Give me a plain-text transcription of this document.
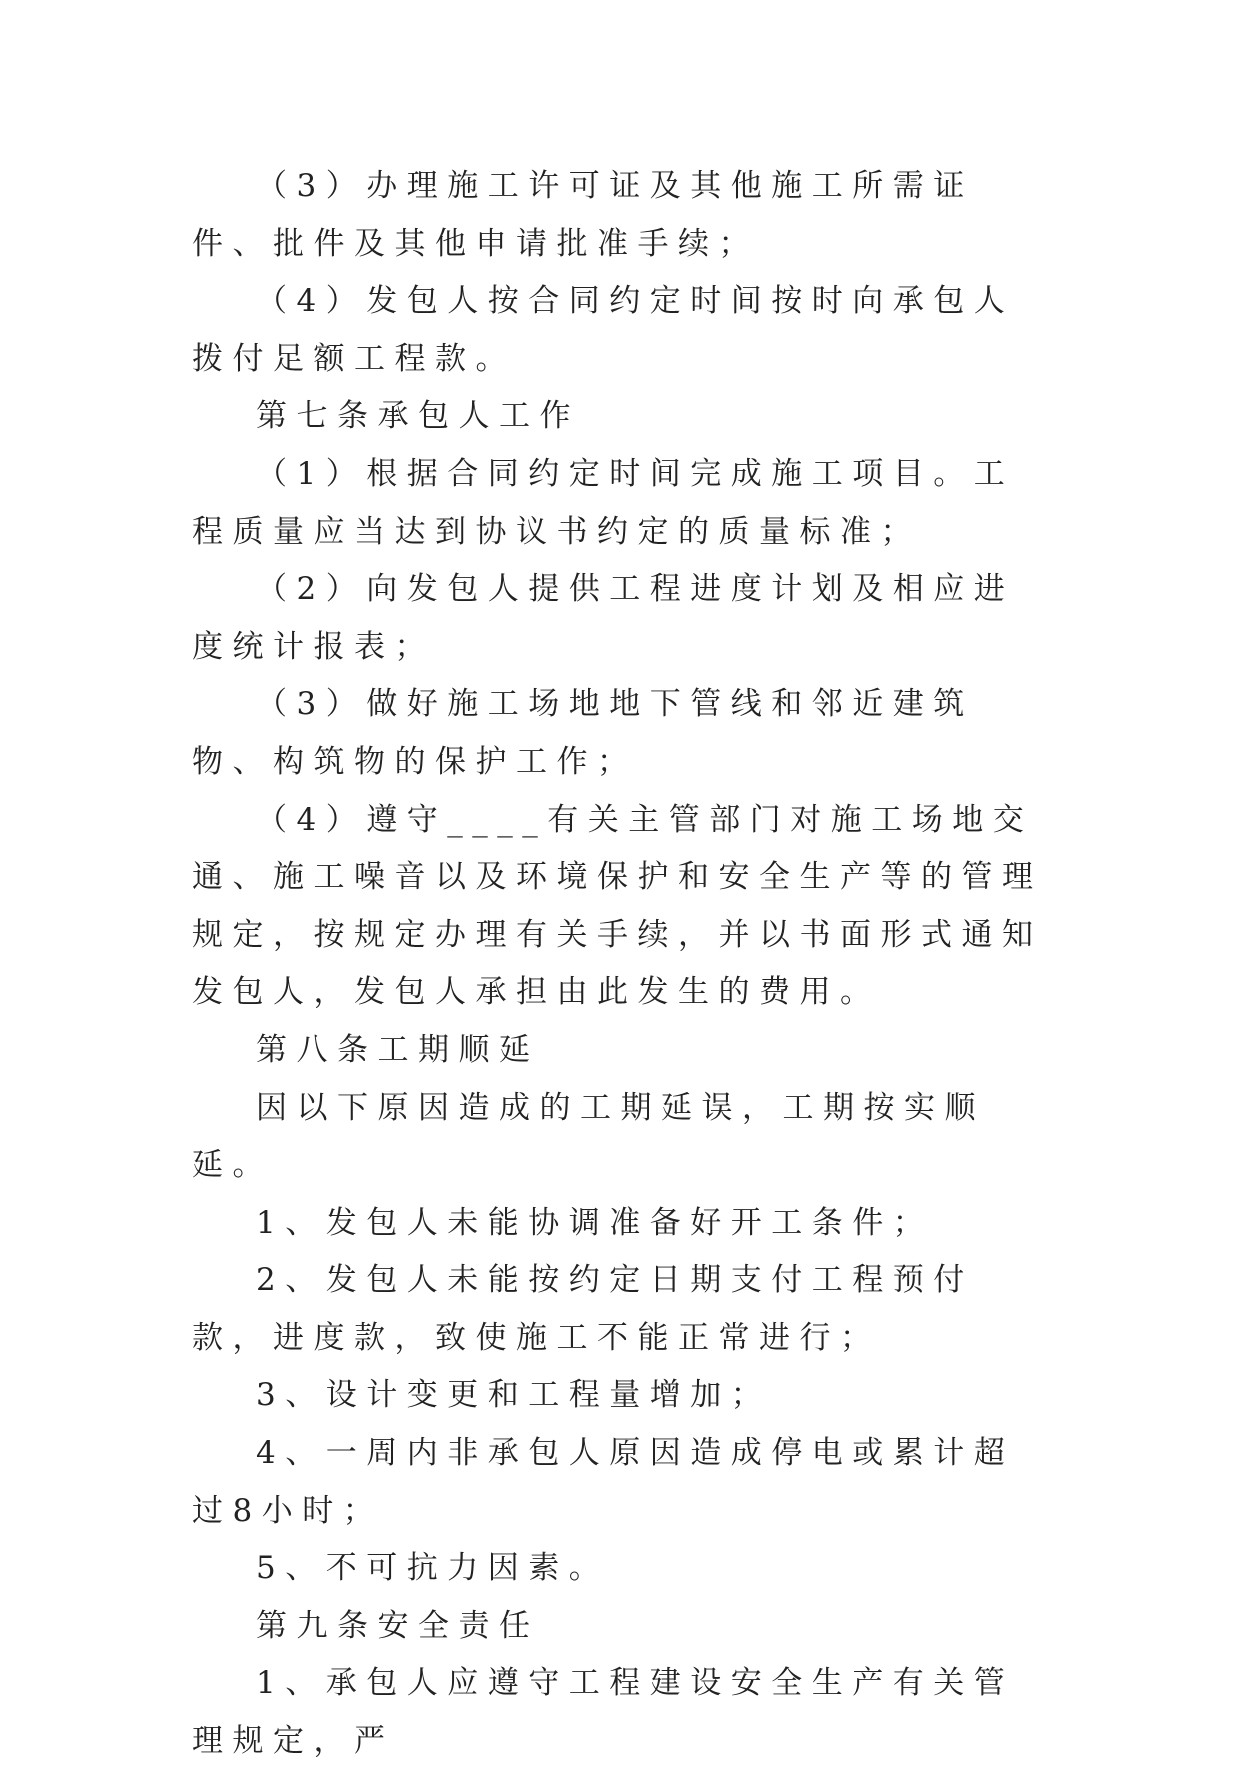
（3）办理施工许可证及其他施工所需证件、批件及其他申请批准手续；

（4）发包人按合同约定时间按时向承包人拨付足额工程款。

第七条承包人工作

（1）根据合同约定时间完成施工项目。工程质量应当达到协议书约定的质量标准；

（2）向发包人提供工程进度计划及相应进度统计报表；

（3）做好施工场地地下管线和邻近建筑物、构筑物的保护工作；

（4）遵守____有关主管部门对施工场地交通、施工噪音以及环境保护和安全生产等的管理规定，按规定办理有关手续，并以书面形式通知发包人，发包人承担由此发生的费用。

第八条工期顺延

因以下原因造成的工期延误，工期按实顺延。

1、发包人未能协调准备好开工条件；

2、发包人未能按约定日期支付工程预付款，进度款，致使施工不能正常进行；

3、设计变更和工程量增加；

4、一周内非承包人原因造成停电或累计超过8小时；

5、不可抗力因素。

第九条安全责任

1、承包人应遵守工程建设安全生产有关管理规定，严
